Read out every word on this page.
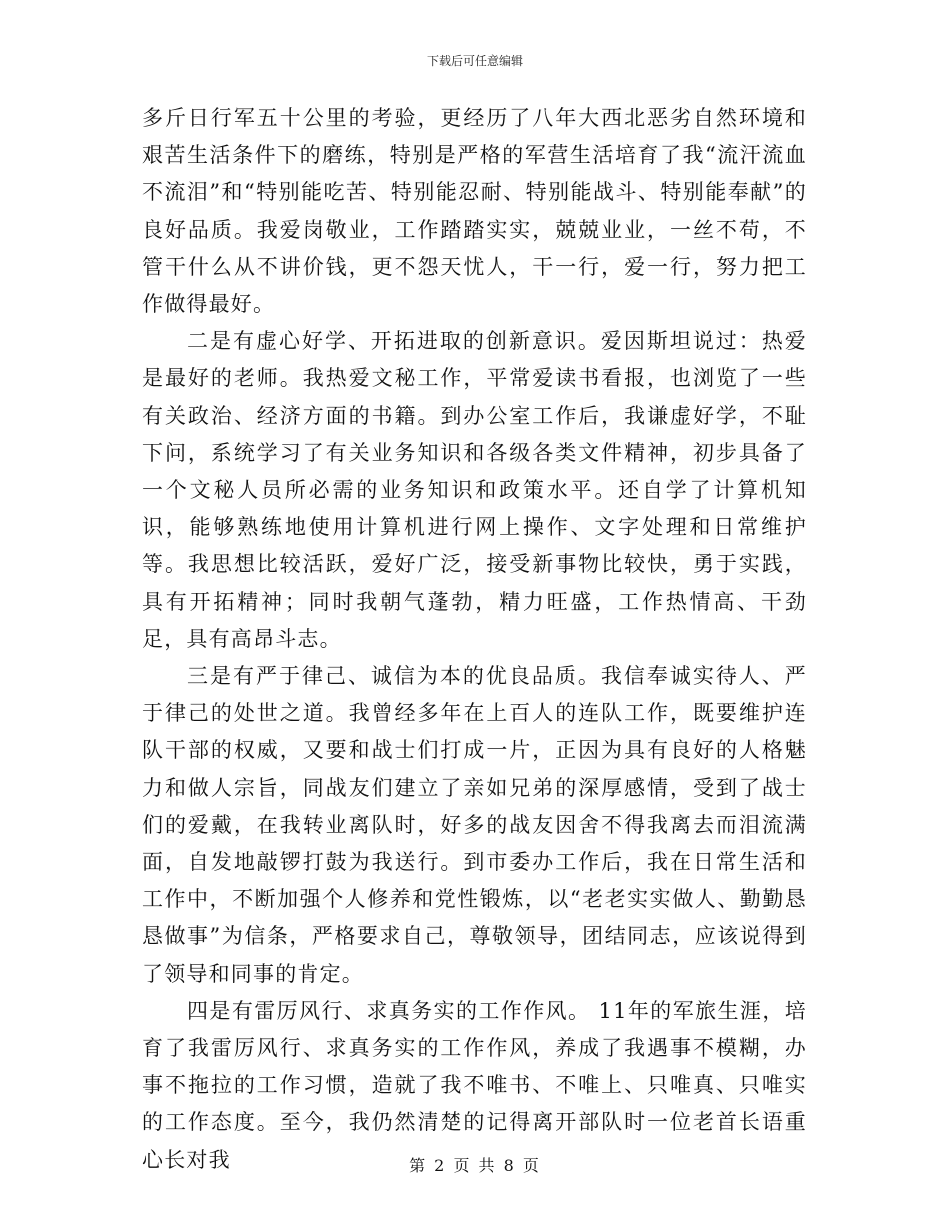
下载后可任意编辑

多斤日行军五十公里的考验，更经历了八年大西北恶劣自然环境和艰苦生活条件下的磨练，特别是严格的军营生活培育了我“流汗流血不流泪”和“特别能吃苦、特别能忍耐、特别能战斗、特别能奉献”的良好品质。我爱岗敬业，工作踏踏实实，兢兢业业，一丝不苟，不管干什么从不讲价钱，更不怨天忧人，干一行，爱一行，努力把工作做得最好。

二是有虚心好学、开拓进取的创新意识。爱因斯坦说过：热爱是最好的老师。我热爱文秘工作，平常爱读书看报，也浏览了一些有关政治、经济方面的书籍。到办公室工作后，我谦虚好学，不耻下问，系统学习了有关业务知识和各级各类文件精神，初步具备了一个文秘人员所必需的业务知识和政策水平。还自学了计算机知识，能够熟练地使用计算机进行网上操作、文字处理和日常维护等。我思想比较活跃，爱好广泛，接受新事物比较快，勇于实践，具有开拓精神；同时我朝气蓬勃，精力旺盛，工作热情高、干劲足，具有高昂斗志。

三是有严于律己、诚信为本的优良品质。我信奉诚实待人、严于律己的处世之道。我曾经多年在上百人的连队工作，既要维护连队干部的权威，又要和战士们打成一片，正因为具有良好的人格魅力和做人宗旨，同战友们建立了亲如兄弟的深厚感情，受到了战士们的爱戴，在我转业离队时，好多的战友因舍不得我离去而泪流满面，自发地敲锣打鼓为我送行。到市委办工作后，我在日常生活和工作中，不断加强个人修养和党性锻炼，以“老老实实做人、勤勤恳恳做事”为信条，严格要求自己，尊敬领导，团结同志，应该说得到了领导和同事的肯定。

四是有雷厉风行、求真务实的工作作风。 11年的军旅生涯，培育了我雷厉风行、求真务实的工作作风，养成了我遇事不模糊，办事不拖拉的工作习惯，造就了我不唯书、不唯上、只唯真、只唯实的工作态度。至今，我仍然清楚的记得离开部队时一位老首长语重心长对我	第 2 页 共 8 页
